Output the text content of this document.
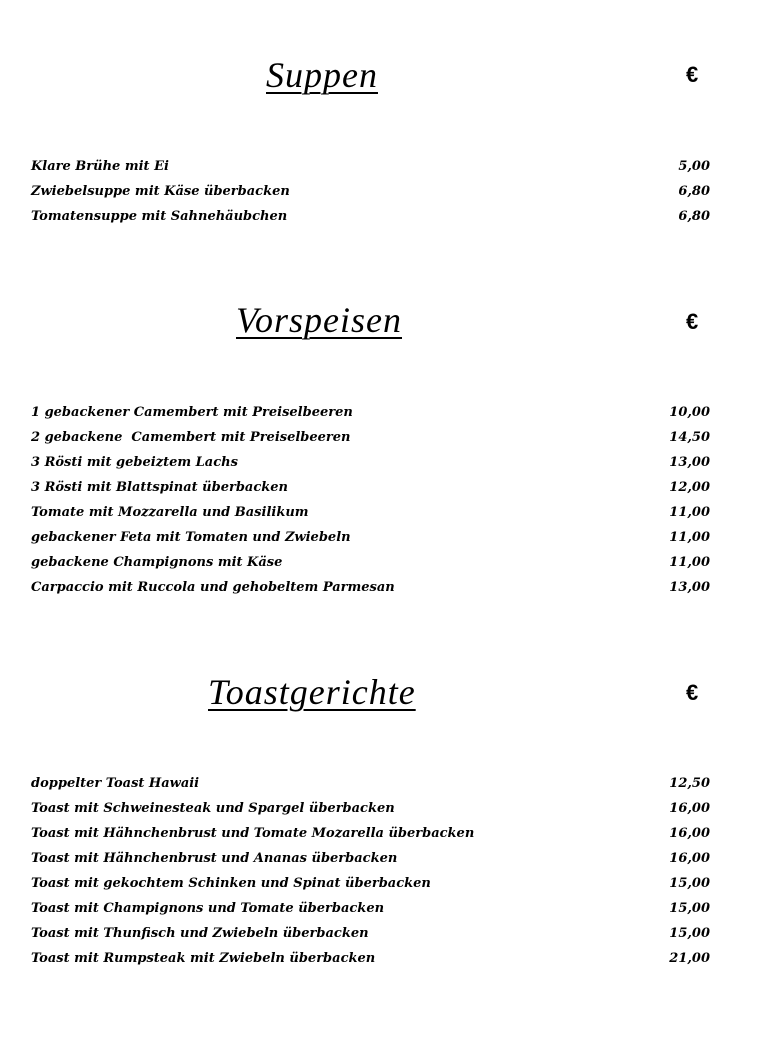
Suppen	€
Klare Brühe mit Ei	5,00
Zwiebelsuppe mit Käse überbacken	6,80
Tomatensuppe mit Sahnehäubchen	6,80
Vorspeisen	€
1 gebackener Camembert mit Preiselbeeren	10,00
2 gebackene  Camembert mit Preiselbeeren	14,50
3 Rösti mit gebeiztem Lachs	13,00
3 Rösti mit Blattspinat überbacken	12,00
Tomate mit Mozzarella und Basilikum	11,00
gebackener Feta mit Tomaten und Zwiebeln	11,00
gebackene Champignons mit Käse	11,00
Carpaccio mit Ruccola und gehobeltem Parmesan	13,00
Toastgerichte	€
doppelter Toast Hawaii	12,50
Toast mit Schweinesteak und Spargel überbacken	16,00
Toast mit Hähnchenbrust und Tomate Mozarella überbacken	16,00
Toast mit Hähnchenbrust und Ananas überbacken	16,00
Toast mit gekochtem Schinken und Spinat überbacken	15,00
Toast mit Champignons und Tomate überbacken	15,00
Toast mit Thunfisch und Zwiebeln überbacken	15,00
Toast mit Rumpsteak mit Zwiebeln überbacken	21,00
